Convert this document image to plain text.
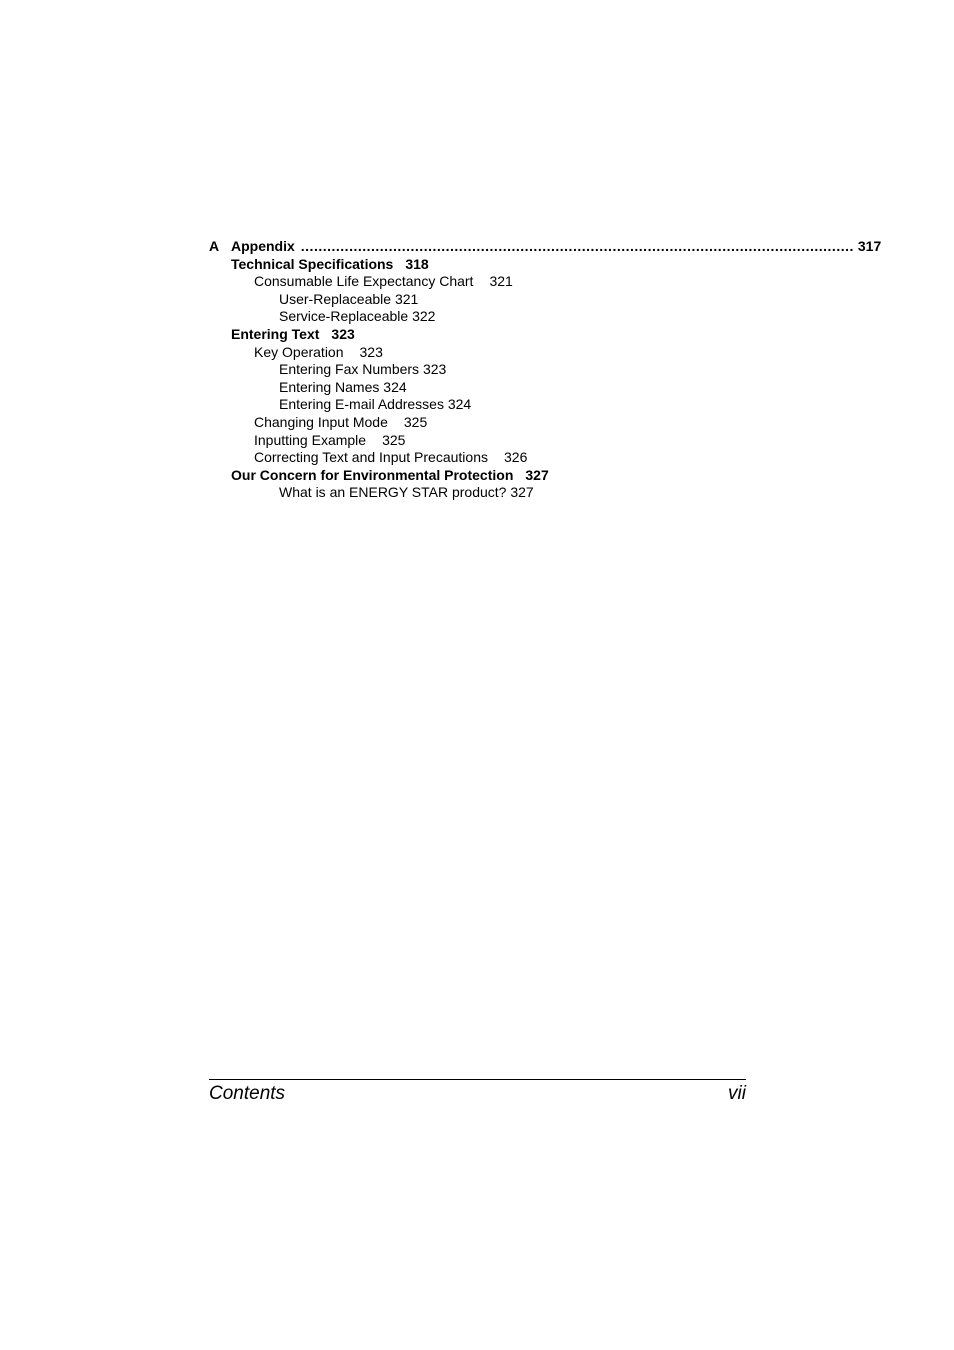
A Appendix .............................................................................................................................. 317
Technical Specifications 318
Consumable Life Expectancy Chart 321
User-Replaceable 321
Service-Replaceable 322
Entering Text 323
Key Operation 323
Entering Fax Numbers 323
Entering Names 324
Entering E-mail Addresses 324
Changing Input Mode 325
Inputting Example 325
Correcting Text and Input Precautions 326
Our Concern for Environmental Protection 327
What is an ENERGY STAR product? 327
Contents	vii
